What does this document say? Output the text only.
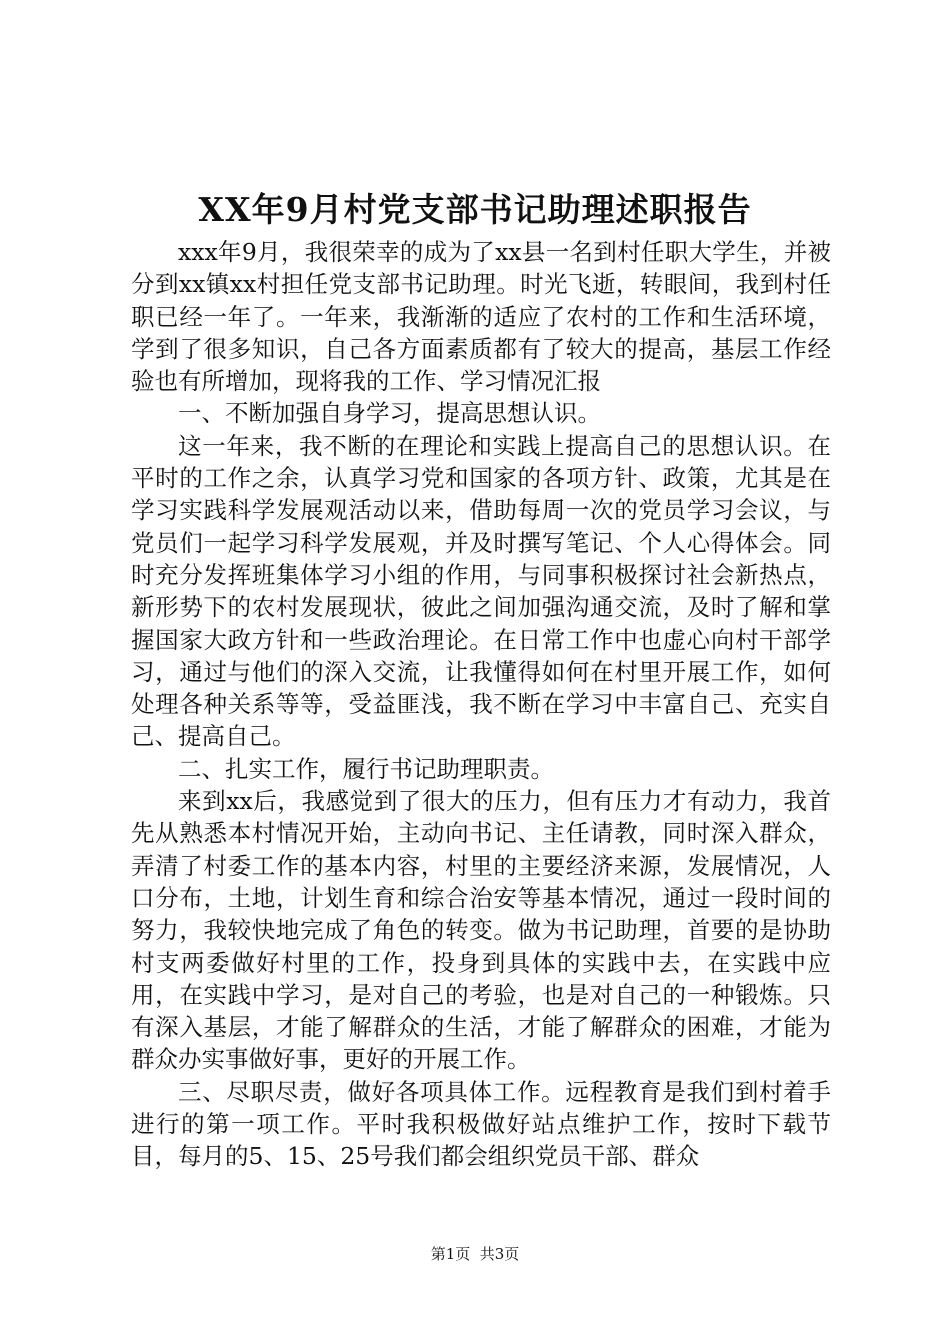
XX年9月村党支部书记助理述职报告

xxx年9月，我很荣幸的成为了xx县一名到村任职大学生，并被分到xx镇xx村担任党支部书记助理。时光飞逝，转眼间，我到村任职已经一年了。一年来，我渐渐的适应了农村的工作和生活环境，学到了很多知识，自己各方面素质都有了较大的提高，基层工作经验也有所增加，现将我的工作、学习情况汇报

一、不断加强自身学习，提高思想认识。

这一年来，我不断的在理论和实践上提高自己的思想认识。在平时的工作之余，认真学习党和国家的各项方针、政策，尤其是在学习实践科学发展观活动以来，借助每周一次的党员学习会议，与党员们一起学习科学发展观，并及时撰写笔记、个人心得体会。同时充分发挥班集体学习小组的作用，与同事积极探讨社会新热点，新形势下的农村发展现状，彼此之间加强沟通交流，及时了解和掌握国家大政方针和一些政治理论。在日常工作中也虚心向村干部学习，通过与他们的深入交流，让我懂得如何在村里开展工作，如何处理各种关系等等，受益匪浅，我不断在学习中丰富自己、充实自己、提高自己。

二、扎实工作，履行书记助理职责。

来到xx后，我感觉到了很大的压力，但有压力才有动力，我首先从熟悉本村情况开始，主动向书记、主任请教，同时深入群众，弄清了村委工作的基本内容，村里的主要经济来源，发展情况，人口分布，土地，计划生育和综合治安等基本情况，通过一段时间的努力，我较快地完成了角色的转变。做为书记助理，首要的是协助村支两委做好村里的工作，投身到具体的实践中去，在实践中应用，在实践中学习，是对自己的考验，也是对自己的一种锻炼。只有深入基层，才能了解群众的生活，才能了解群众的困难，才能为群众办实事做好事，更好的开展工作。

三、尽职尽责，做好各项具体工作。远程教育是我们到村着手进行的第一项工作。平时我积极做好站点维护工作，按时下载节目，每月的5、15、25号我们都会组织党员干部、群众

第1页  共3页
